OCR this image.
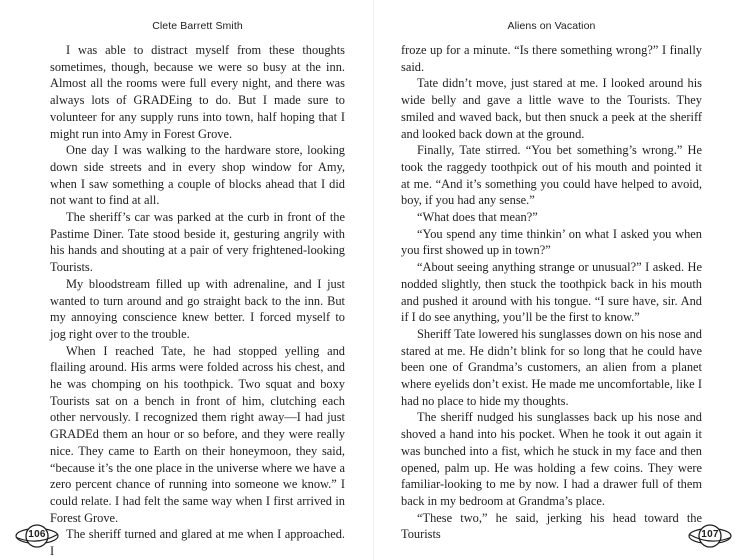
Clete Barrett Smith

I was able to distract myself from these thoughts sometimes, though, because we were so busy at the inn. Almost all the rooms were full every night, and there was always lots of GRADEing to do. But I made sure to volunteer for any supply runs into town, half hoping that I might run into Amy in Forest Grove.

One day I was walking to the hardware store, looking down side streets and in every shop window for Amy, when I saw something a couple of blocks ahead that I did not want to find at all.

The sheriff’s car was parked at the curb in front of the Pastime Diner. Tate stood beside it, gesturing angrily with his hands and shouting at a pair of very frightened-looking Tourists.

My bloodstream filled up with adrenaline, and I just wanted to turn around and go straight back to the inn. But my annoying conscience knew better. I forced myself to jog right over to the trouble.

When I reached Tate, he had stopped yelling and flailing around. His arms were folded across his chest, and he was chomping on his toothpick. Two squat and boxy Tourists sat on a bench in front of him, clutching each other nervously. I recognized them right away—I had just GRADEd them an hour or so before, and they were really nice. They came to Earth on their honeymoon, they said, “because it’s the one place in the universe where we have a zero percent chance of running into someone we know.” I could relate. I had felt the same way when I first arrived in Forest Grove.

The sheriff turned and glared at me when I approached. I

106
Aliens on Vacation

froze up for a minute. “Is there something wrong?” I finally said.

Tate didn’t move, just stared at me. I looked around his wide belly and gave a little wave to the Tourists. They smiled and waved back, but then snuck a peek at the sheriff and looked back down at the ground.

Finally, Tate stirred. “You bet something’s wrong.” He took the raggedy toothpick out of his mouth and pointed it at me. “And it’s something you could have helped to avoid, boy, if you had any sense.”

“What does that mean?”

“You spend any time thinkin’ on what I asked you when you first showed up in town?”

“About seeing anything strange or unusual?” I asked. He nodded slightly, then stuck the toothpick back in his mouth and pushed it around with his tongue. “I sure have, sir. And if I do see anything, you’ll be the first to know.”

Sheriff Tate lowered his sunglasses down on his nose and stared at me. He didn’t blink for so long that he could have been one of Grandma’s customers, an alien from a planet where eyelids don’t exist. He made me uncomfortable, like I had no place to hide my thoughts.

The sheriff nudged his sunglasses back up his nose and shoved a hand into his pocket. When he took it out again it was bunched into a fist, which he stuck in my face and then opened, palm up. He was holding a few coins. They were familiar-looking to me by now. I had a drawer full of them back in my bedroom at Grandma’s place.

“These two,” he said, jerking his head toward the Tourists	107
